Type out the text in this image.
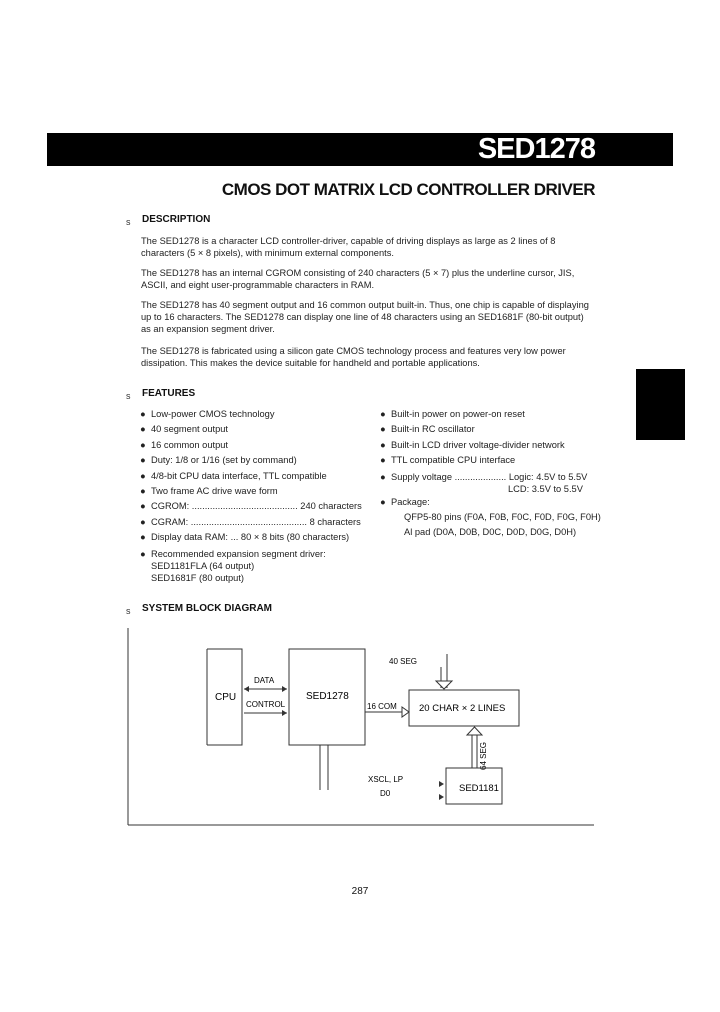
SED1278
CMOS DOT MATRIX LCD CONTROLLER DRIVER
s DESCRIPTION
The SED1278 is a character LCD controller-driver, capable of driving displays as large as 2 lines of 8
characters (5 × 8 pixels), with minimum external components.
The SED1278 has an internal CGROM consisting of 240 characters (5 × 7) plus the underline cursor, JIS,
ASCII, and eight user-programmable characters in RAM.
The SED1278 has 40 segment output and 16 common output built-in. Thus, one chip is capable of displaying
up to 16 characters. The SED1278 can display one line of 48 characters using an SED1681F (80-bit output)
as an expansion segment driver.
The SED1278 is fabricated using a silicon gate CMOS technology process and features very low power
dissipation. This makes the device suitable for handheld and portable applications.
s FEATURES
● Low-power CMOS technology
● 40 segment output
● 16 common output
● Duty: 1/8 or 1/16 (set by command)
● 4/8-bit CPU data interface, TTL compatible
● Two frame AC drive wave form
● CGROM: ......................................... 240 characters
● CGRAM: ............................................. 8 characters
● Display data RAM: ... 80 × 8 bits (80 characters)
● Recommended expansion segment driver:
SED1181FLA (64 output)
SED1681F (80 output)
● Built-in power on power-on reset
● Built-in RC oscillator
● Built-in LCD driver voltage-divider network
● TTL compatible CPU interface
● Supply voltage .................... Logic: 4.5V to 5.5V
LCD: 3.5V to 5.5V
● Package:
QFP5-80 pins (F0A, F0B, F0C, F0D, F0G, F0H)
Al pad (D0A, D0B, D0C, D0D, D0G, D0H)
s SYSTEM BLOCK DIAGRAM
CPU	SED1278
DATA
CONTROL	20 CHAR × 2 LINES
40 SEG
16 COM
64 SEG
SED1181
XSCL, LP
D0
287
